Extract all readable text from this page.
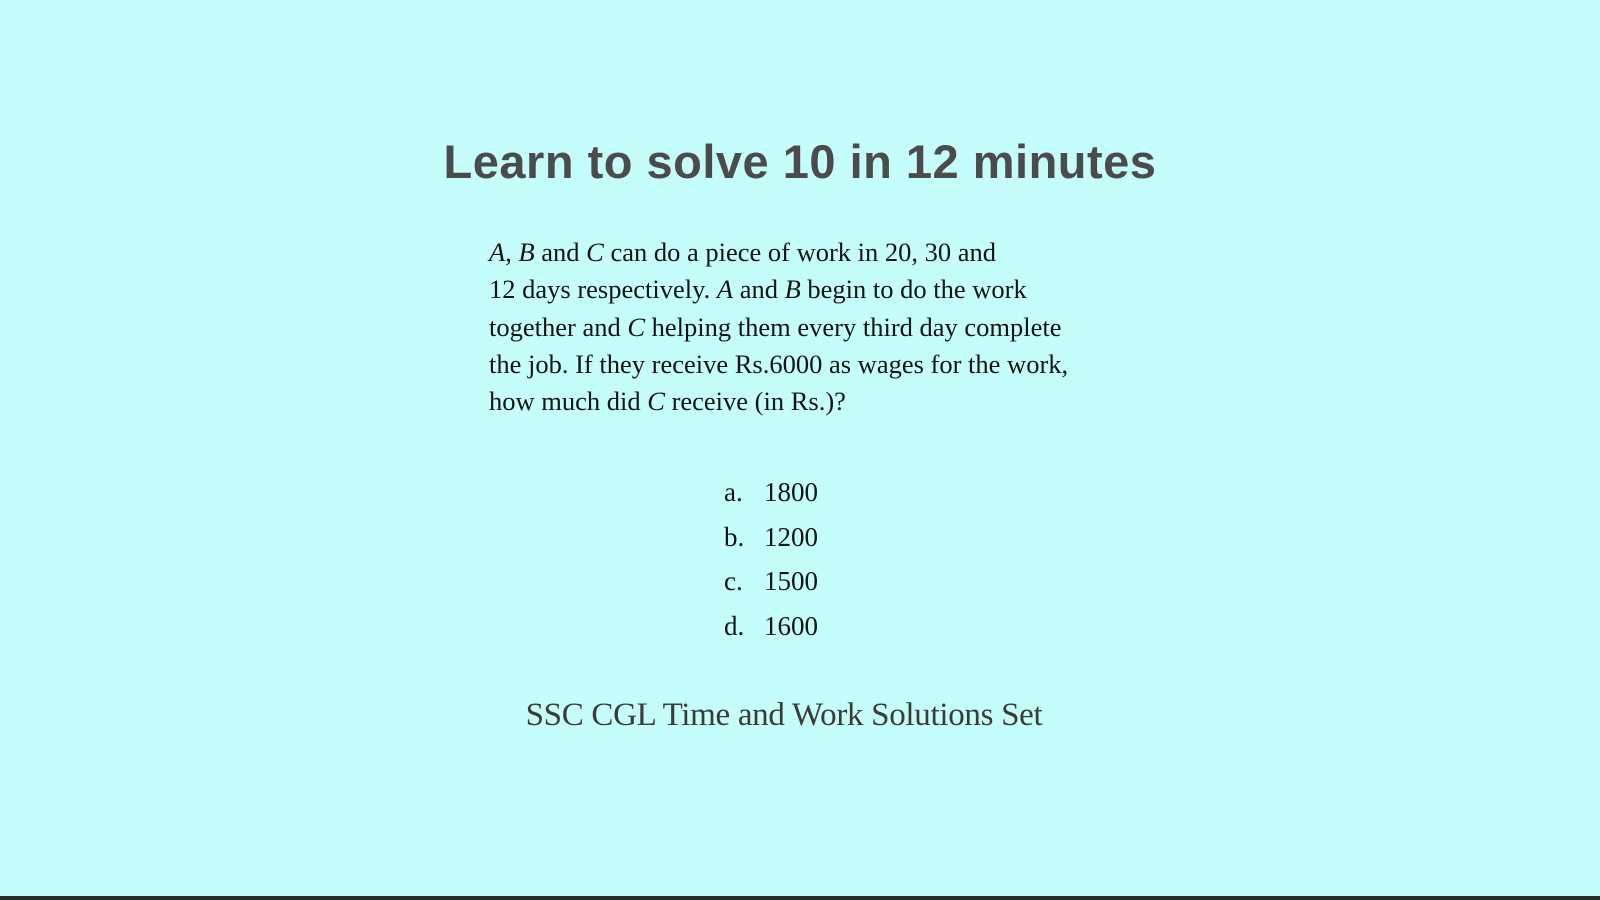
Learn to solve 10 in 12 minutes
A, B and C can do a piece of work in 20, 30 and
12 days respectively. A and B begin to do the work
together and C helping them every third day complete
the job. If they receive Rs.6000 as wages for the work,
how much did C receive (in Rs.)?
a. 1800
b. 1200
c. 1500
d. 1600
SSC CGL Time and Work Solutions Set
